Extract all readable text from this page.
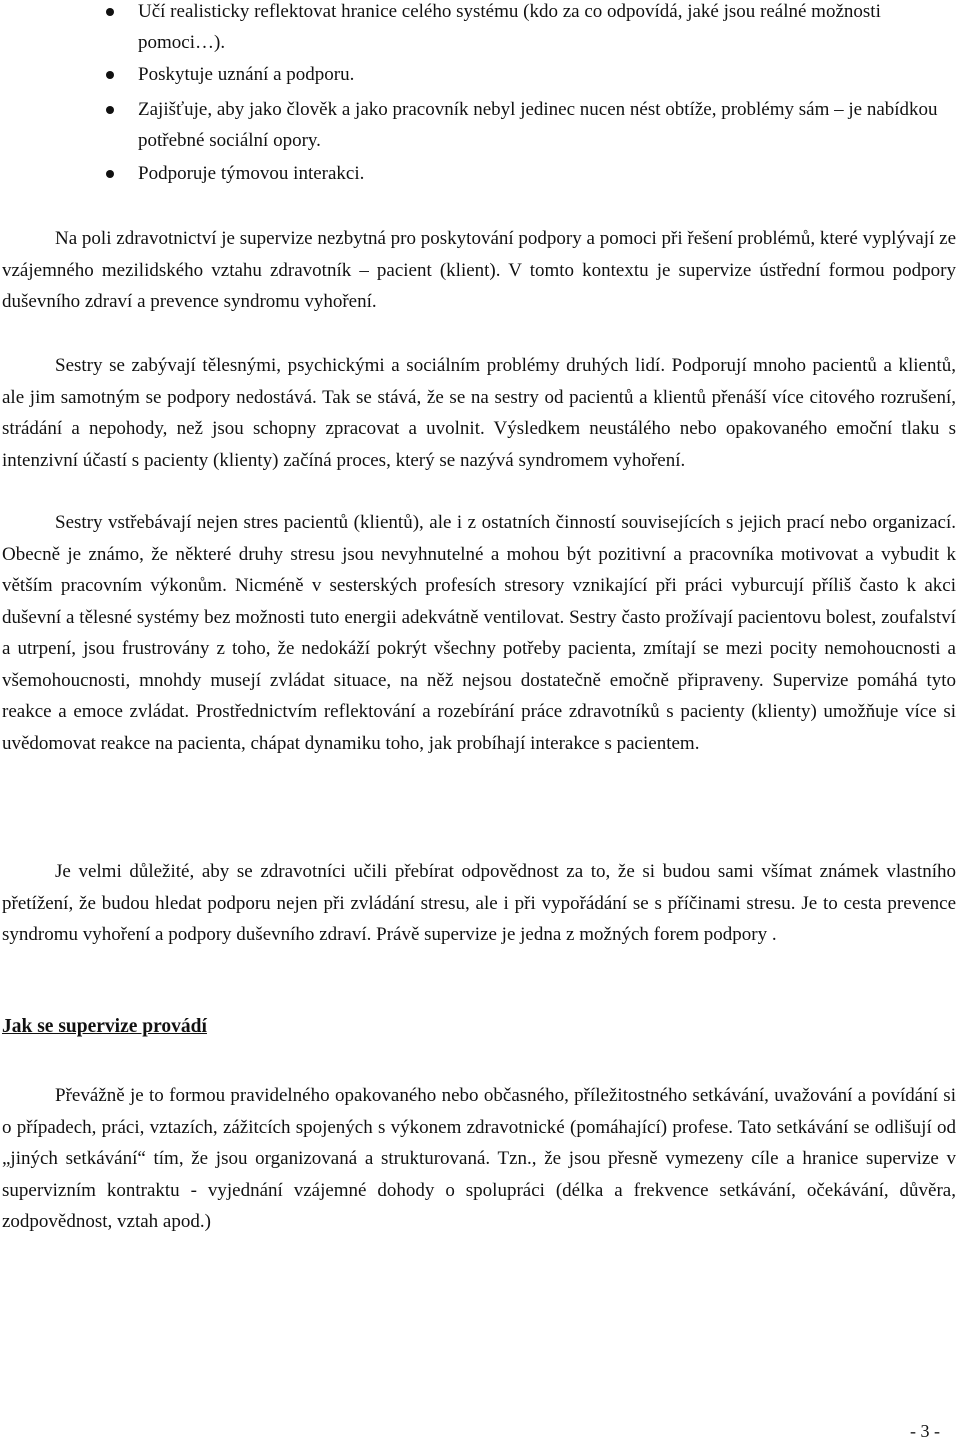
Učí realisticky reflektovat hranice celého systému (kdo za co odpovídá, jaké jsou reálné možnosti pomoci…).
Poskytuje uznání a podporu.
Zajišťuje, aby jako člověk a jako pracovník nebyl jedinec nucen nést obtíže, problémy sám – je nabídkou potřebné sociální opory.
Podporuje týmovou interakci.

Na poli zdravotnictví je supervize nezbytná pro poskytování podpory a pomoci při řešení problémů, které vyplývají ze vzájemného mezilidského vztahu zdravotník – pacient (klient). V tomto kontextu je supervize ústřední formou podpory duševního zdraví a prevence syndromu vyhoření.

Sestry se zabývají tělesnými, psychickými a sociálním problémy druhých lidí. Podporují mnoho pacientů a klientů, ale jim samotným se podpory nedostává. Tak se stává, že se na sestry od pacientů a klientů přenáší více citového rozrušení, strádání a nepohody, než jsou schopny zpracovat a uvolnit. Výsledkem neustálého nebo opakovaného emoční tlaku s intenzivní účastí s pacienty (klienty) začíná proces, který se nazývá syndromem vyhoření.

Sestry vstřebávají nejen stres pacientů (klientů), ale i z ostatních činností souvisejících s jejich prací nebo organizací. Obecně je známo, že některé druhy stresu jsou nevyhnutelné a mohou být pozitivní a pracovníka motivovat a vybudit k větším pracovním výkonům. Nicméně v sesterských profesích stresory vznikající při práci vyburcují příliš často k akci duševní a tělesné systémy bez možnosti tuto energii adekvátně ventilovat. Sestry často prožívají pacientovu bolest, zoufalství a utrpení, jsou frustrovány z toho, že nedokáží pokrýt všechny potřeby pacienta, zmítají se mezi pocity nemohoucnosti a všemohoucnosti, mnohdy musejí zvládat situace, na něž nejsou dostatečně emočně připraveny. Supervize pomáhá tyto reakce a emoce zvládat. Prostřednictvím reflektování a rozebírání práce zdravotníků s pacienty (klienty) umožňuje více si uvědomovat reakce na pacienta, chápat dynamiku toho, jak probíhají interakce s pacientem.

Je velmi důležité, aby se zdravotníci učili přebírat odpovědnost za to, že si budou sami všímat známek vlastního přetížení, že budou hledat podporu nejen při zvládání stresu, ale i při vypořádání se s příčinami stresu. Je to cesta prevence syndromu vyhoření a podpory duševního zdraví. Právě supervize je jedna z možných forem podpory .

Jak se supervize provádí

Převážně je to formou pravidelného opakovaného nebo občasného, příležitostného setkávání, uvažování a povídání si o případech, práci, vztazích, zážitcích spojených s výkonem zdravotnické (pomáhající) profese. Tato setkávání se odlišují od „jiných setkávání“ tím, že jsou organizovaná a strukturovaná. Tzn., že jsou přesně vymezeny cíle a hranice supervize v supervizním kontraktu - vyjednání vzájemné dohody o spolupráci (délka a frekvence setkávání, očekávání, důvěra, zodpovědnost, vztah apod.)

- 3 -
